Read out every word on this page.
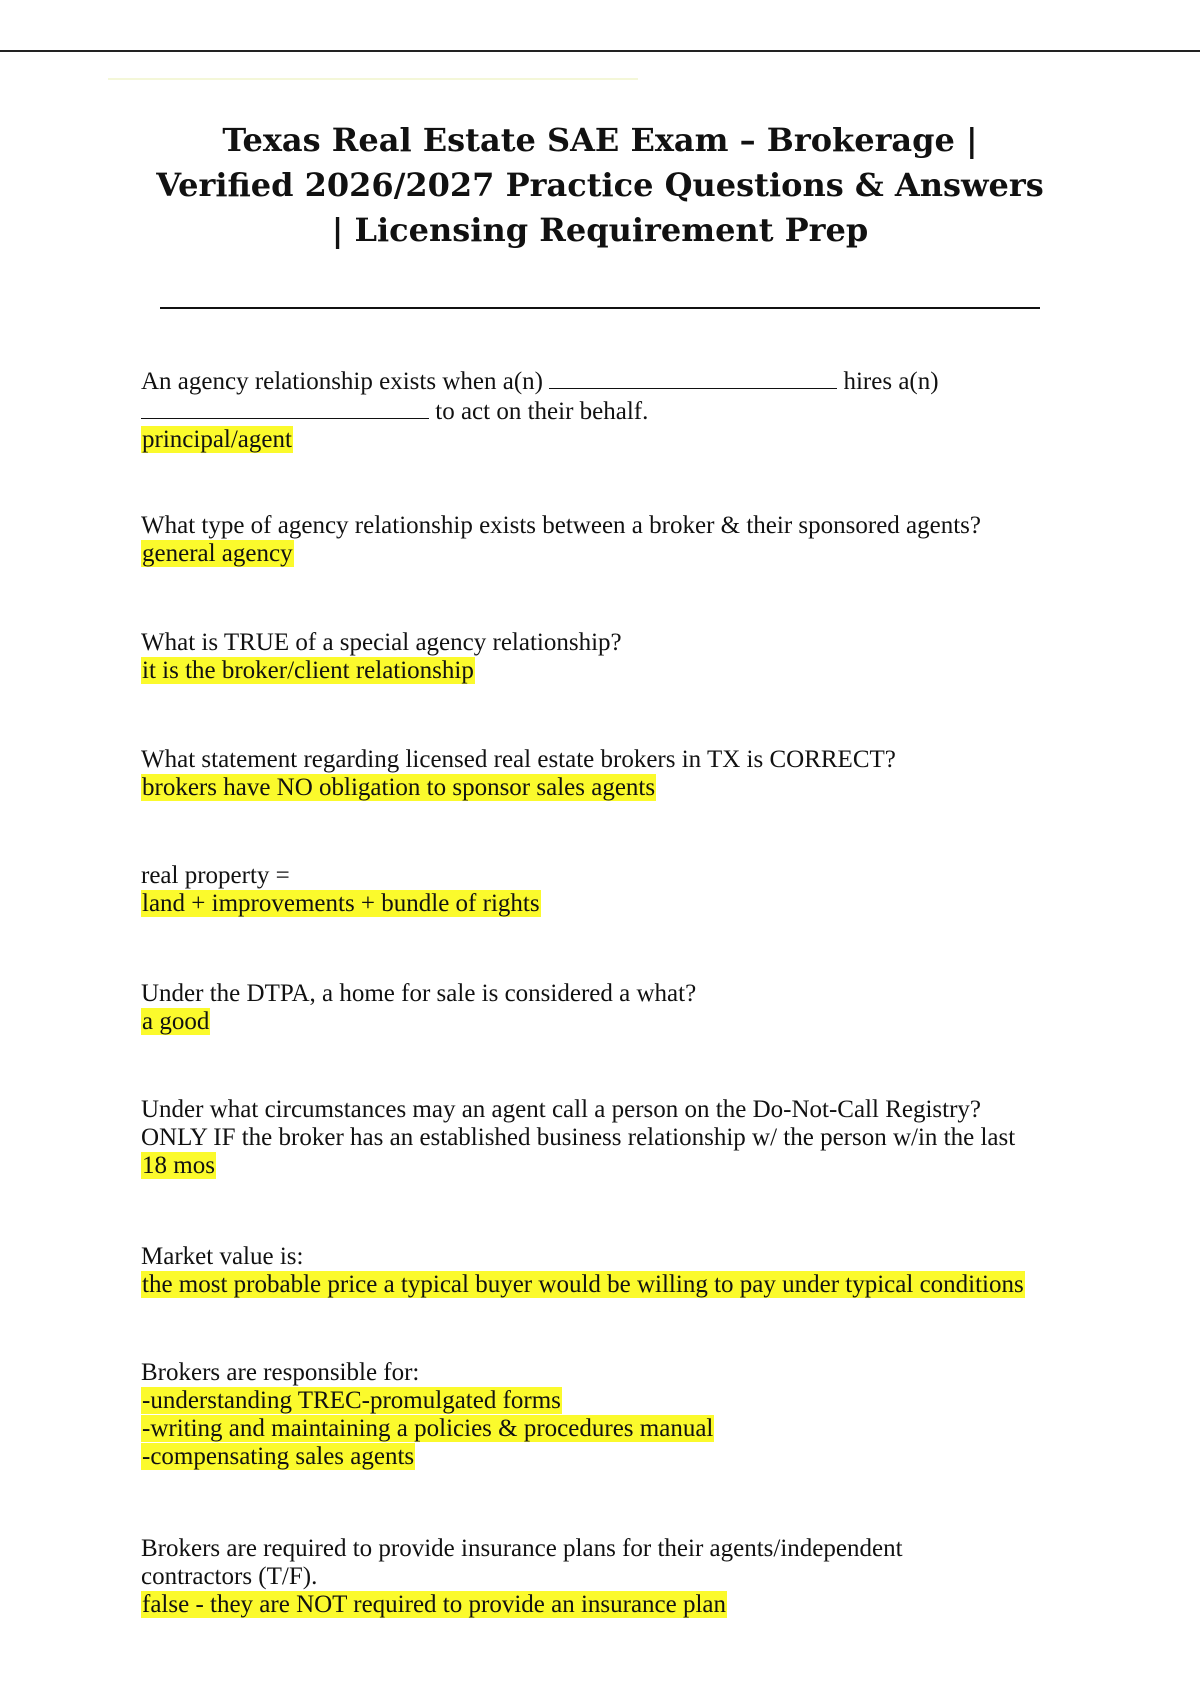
Texas Real Estate SAE Exam – Brokerage | Verified 2026/2027 Practice Questions & Answers | Licensing Requirement Prep
An agency relationship exists when a(n)	hires a(n)
to act on their behalf.
principal/agent
What type of agency relationship exists between a broker & their sponsored agents?
general agency
What is TRUE of a special agency relationship?
it is the broker/client relationship
What statement regarding licensed real estate brokers in TX is CORRECT?
brokers have NO obligation to sponsor sales agents
real property =
land + improvements + bundle of rights
Under the DTPA, a home for sale is considered a what?
a good
Under what circumstances may an agent call a person on the Do-Not-Call Registry?
ONLY IF the broker has an established business relationship w/ the person w/in the last
18 mos
Market value is:
the most probable price a typical buyer would be willing to pay under typical conditions
Brokers are responsible for:
-understanding TREC-promulgated forms
-writing and maintaining a policies & procedures manual
-compensating sales agents
Brokers are required to provide insurance plans for their agents/independent
contractors (T/F).
false - they are NOT required to provide an insurance plan
